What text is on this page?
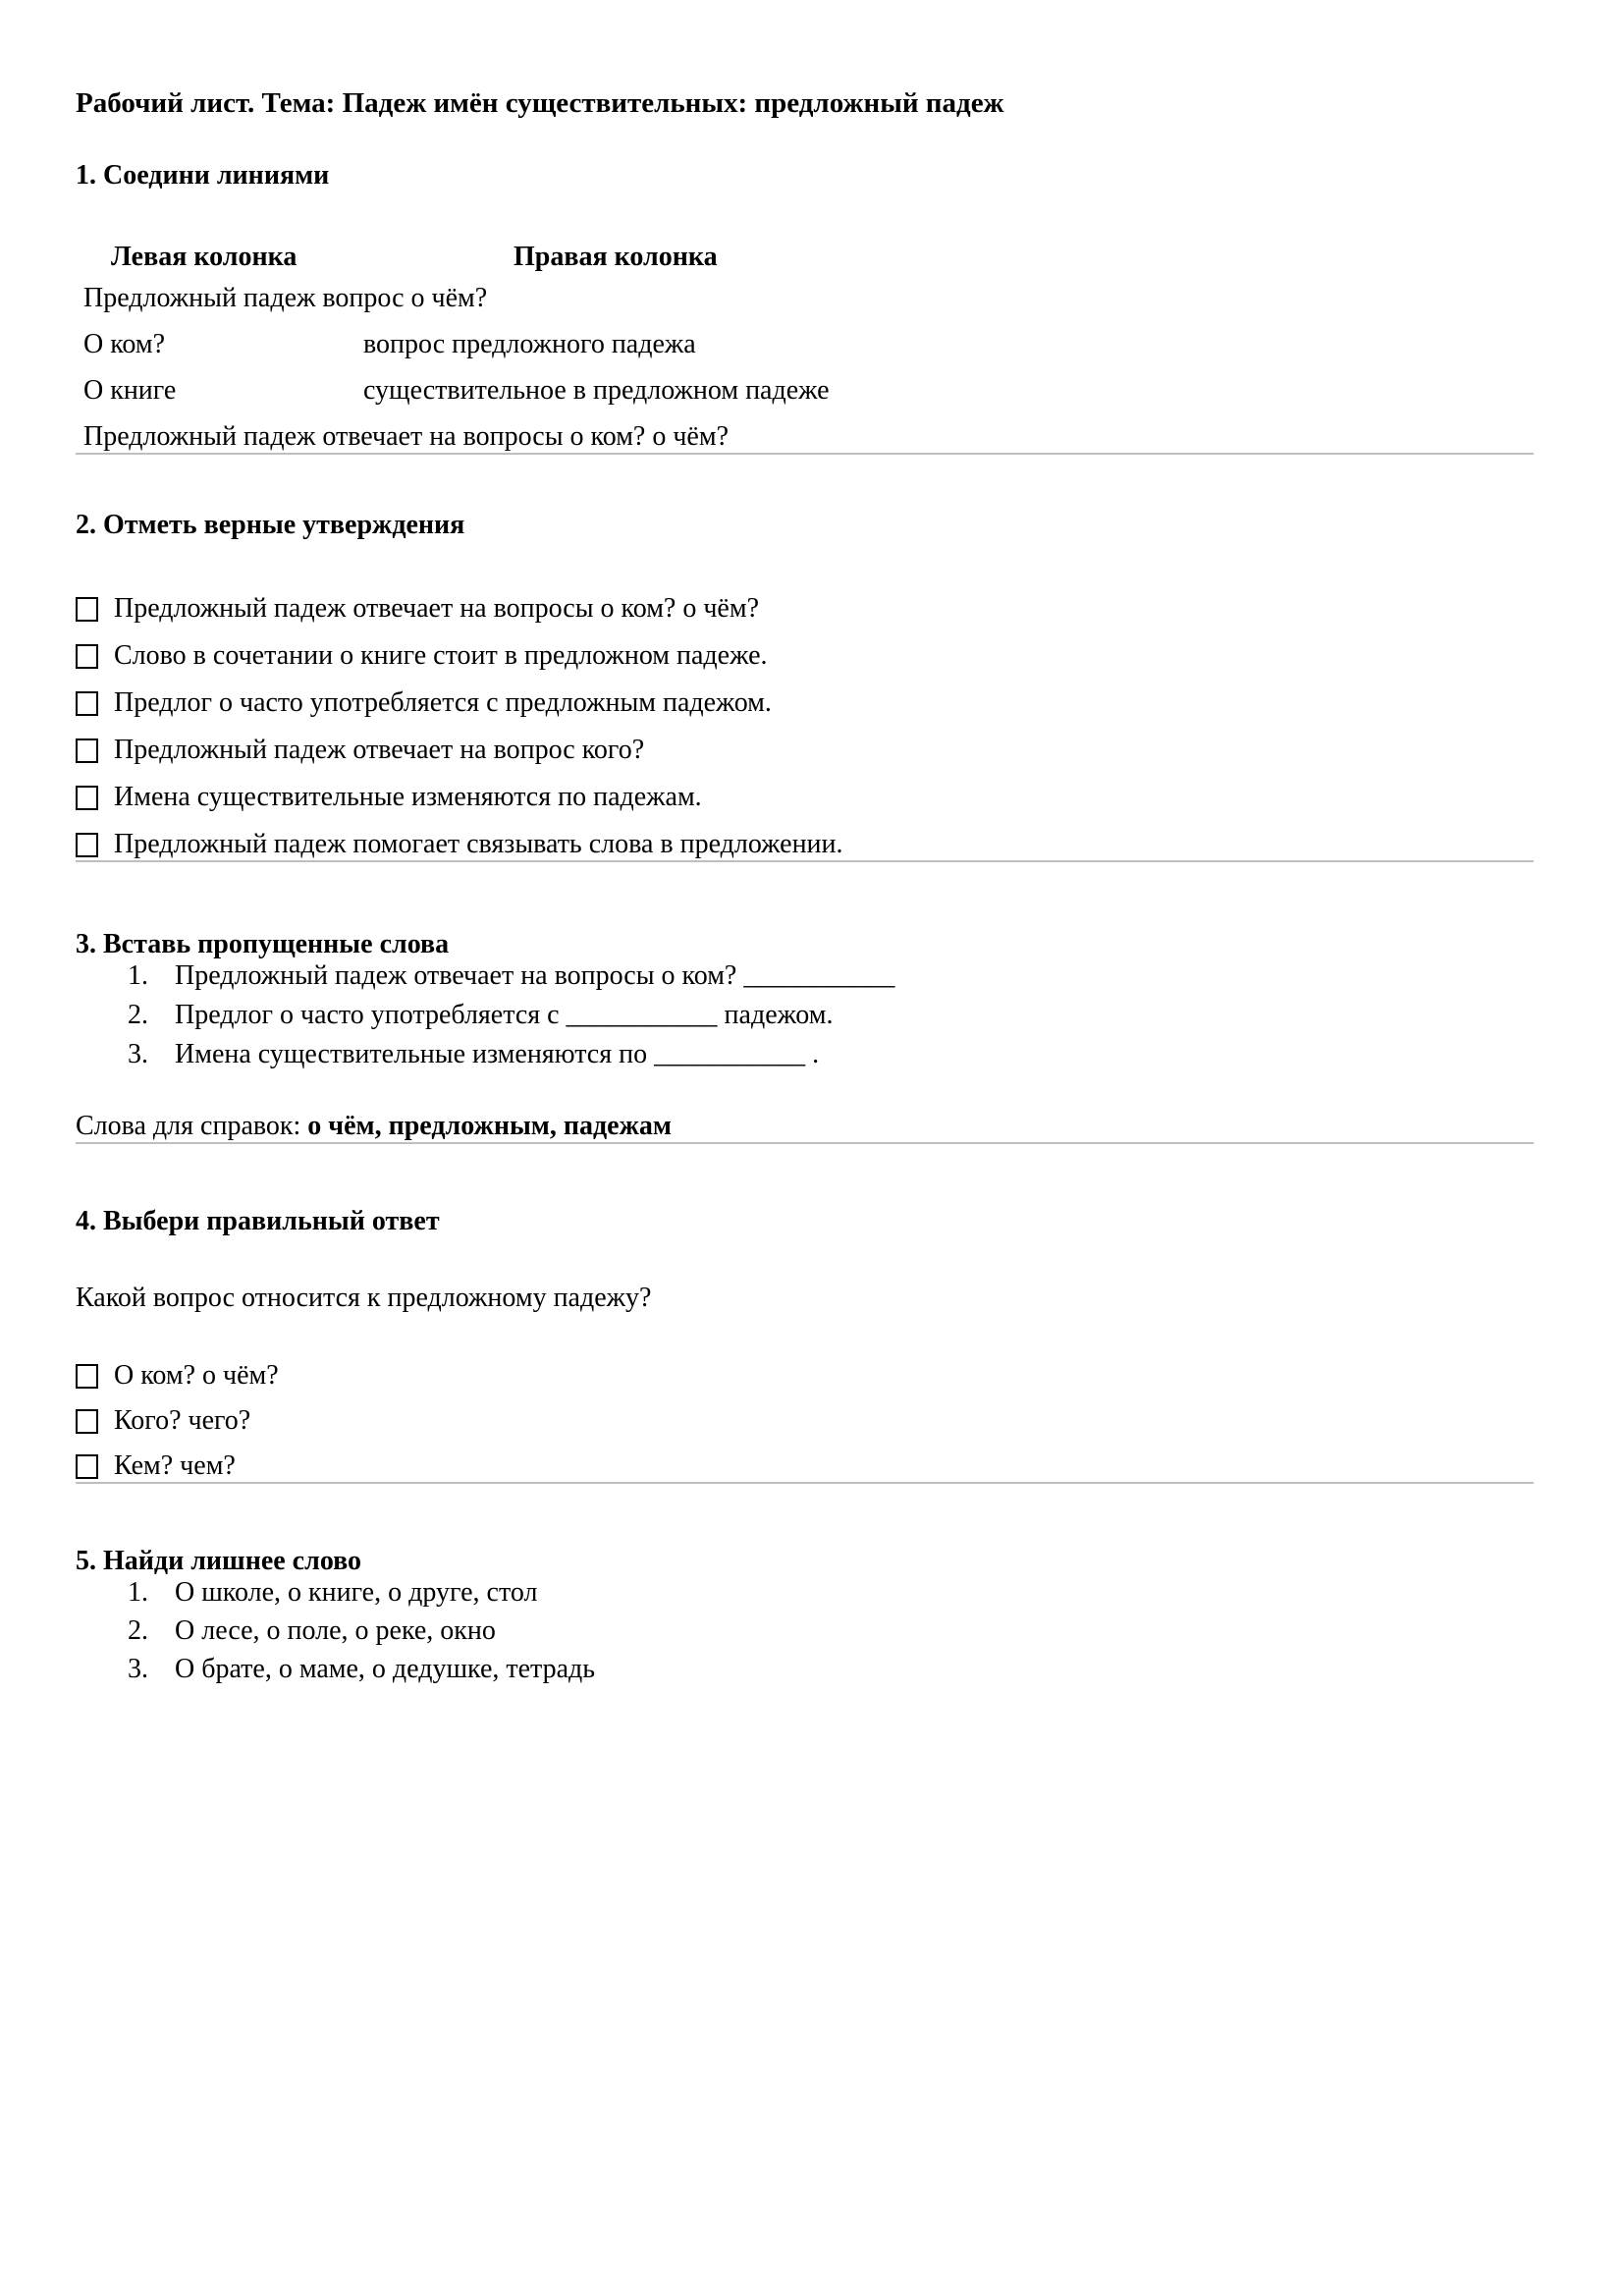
Рабочий лист. Тема: Падеж имён существительных: предложный падеж
1. Соедини линиями
Левая колонка	Правая колонка
Предложный падеж вопрос о чём?
О ком?	вопрос предложного падежа
О книге	существительное в предложном падеже
Предложный падеж отвечает на вопросы о ком? о чём?
2. Отметь верные утверждения
Предложный падеж отвечает на вопросы о ком? о чём?
Слово в сочетании о книге стоит в предложном падеже.
Предлог о часто употребляется с предложным падежом.
Предложный падеж отвечает на вопрос кого?
Имена существительные изменяются по падежам.
Предложный падеж помогает связывать слова в предложении.
3. Вставь пропущенные слова
Предложный падеж отвечает на вопросы о ком? ___________
Предлог о часто употребляется с ___________ падежом.
Имена существительные изменяются по ___________ .
Слова для справок: о чём, предложным, падежам
4. Выбери правильный ответ
Какой вопрос относится к предложному падежу?
О ком? о чём?
Кого? чего?
Кем? чем?
5. Найди лишнее слово
О школе, о книге, о друге, стол
О лесе, о поле, о реке, окно
О брате, о маме, о дедушке, тетрадь
